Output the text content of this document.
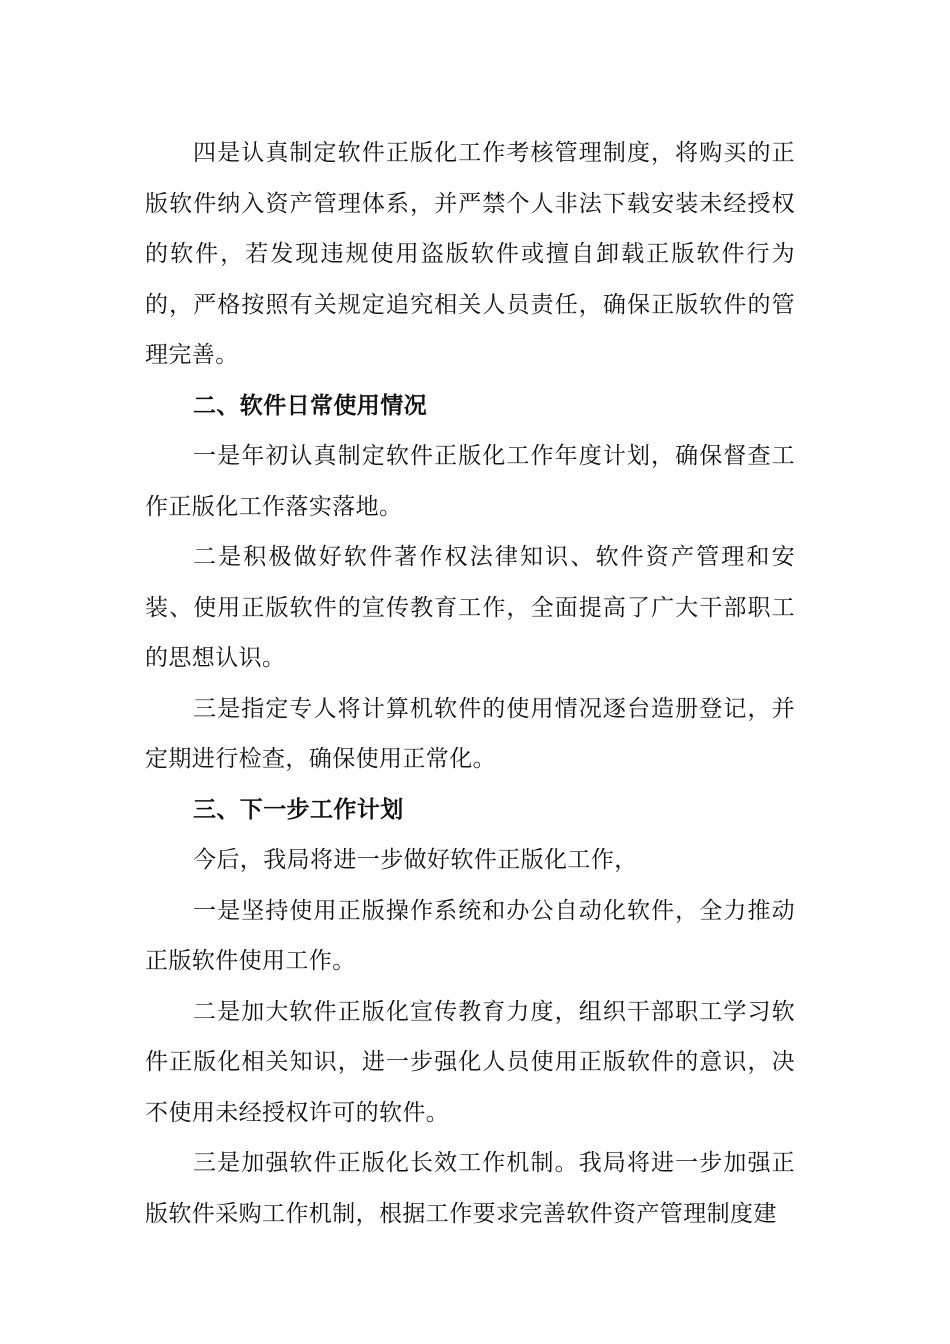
四是认真制定软件正版化工作考核管理制度，将购买的正版软件纳入资产管理体系，并严禁个人非法下载安装未经授权的软件，若发现违规使用盗版软件或擅自卸载正版软件行为的，严格按照有关规定追究相关人员责任，确保正版软件的管理完善。

二、软件日常使用情况

一是年初认真制定软件正版化工作年度计划，确保督查工作正版化工作落实落地。

二是积极做好软件著作权法律知识、软件资产管理和安装、使用正版软件的宣传教育工作，全面提高了广大干部职工的思想认识。

三是指定专人将计算机软件的使用情况逐台造册登记，并定期进行检查，确保使用正常化。

三、下一步工作计划

今后，我局将进一步做好软件正版化工作，

一是坚持使用正版操作系统和办公自动化软件，全力推动正版软件使用工作。

二是加大软件正版化宣传教育力度，组织干部职工学习软件正版化相关知识，进一步强化人员使用正版软件的意识，决不使用未经授权许可的软件。

三是加强软件正版化长效工作机制。我局将进一步加强正版软件采购工作机制，根据工作要求完善软件资产管理制度建
